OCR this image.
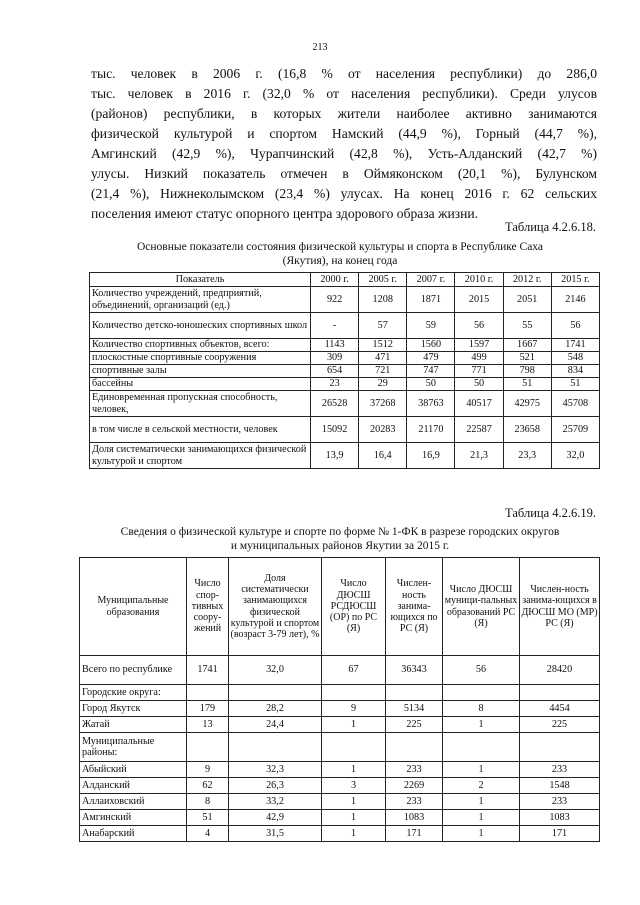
213
тыс. человек в 2006 г. (16,8 % от населения республики) до 286,0
тыс. человек в 2016 г. (32,0 % от населения республики). Среди улусов
(районов) республики, в которых жители наиболее активно занимаются
физической культурой и спортом Намский (44,9 %), Горный (44,7 %),
Амгинский (42,9 %), Чурапчинский (42,8 %), Усть-Алданский (42,7 %)
улусы. Низкий показатель отмечен в Оймяконском (20,1 %), Булунском
(21,4 %), Нижнеколымском (23,4 %) улусах. На конец 2016 г. 62 сельских
поселения имеют статус опорного центра здорового образа жизни.
Таблица 4.2.6.18.
Основные показатели состояния физической культуры и спорта в Республике Саха
(Якутия), на конец года
Показатель	2000 г.	2005 г.	2007 г.	2010 г.	2012 г.	2015 г.
Количество учреждений, предприятий, объединений, организаций (ед.)	922	1208	1871	2015	2051	2146
Количество детско-юношеских спортивных школ	-	57	59	56	55	56
Количество спортивных объектов, всего:	1143	1512	1560	1597	1667	1741
плоскостные спортивные сооружения	309	471	479	499	521	548
спортивные залы	654	721	747	771	798	834
бассейны	23	29	50	50	51	51
Единовременная пропускная способность, человек,	26528	37268	38763	40517	42975	45708
в том числе в сельской местности, человек	15092	20283	21170	22587	23658	25709
Доля систематически занимающихся физической культурой и спортом	13,9	16,4	16,9	21,3	23,3	32,0
Таблица 4.2.6.19.
Сведения о физической культуре и спорте по форме № 1-ФК в разрезе городских округов
и муниципальных районов Якутии за 2015 г.
Муниципальные образования	Число спор-тивных соору-жений	Доля систематически занимающихся физической культурой и спортом (возраст 3-79 лет), %	Число ДЮСШ РСДЮСШ (ОР) по РС (Я)	Числен-ность занима-ющихся по РС (Я)	Число ДЮСШ муници-пальных образований РС (Я)	Числен-ность занима-ющихся в ДЮСШ МО (МР) РС (Я)
Всего по республике	1741	32,0	67	36343	56	28420
Городские округа:						
Город Якутск	179	28,2	9	5134	8	4454
Жатай	13	24,4	1	225	1	225
Муниципальные районы:						
Абыйский	9	32,3	1	233	1	233
Алданский	62	26,3	3	2269	2	1548
Аллаиховский	8	33,2	1	233	1	233
Амгинский	51	42,9	1	1083	1	1083
Анабарский	4	31,5	1	171	1	171
